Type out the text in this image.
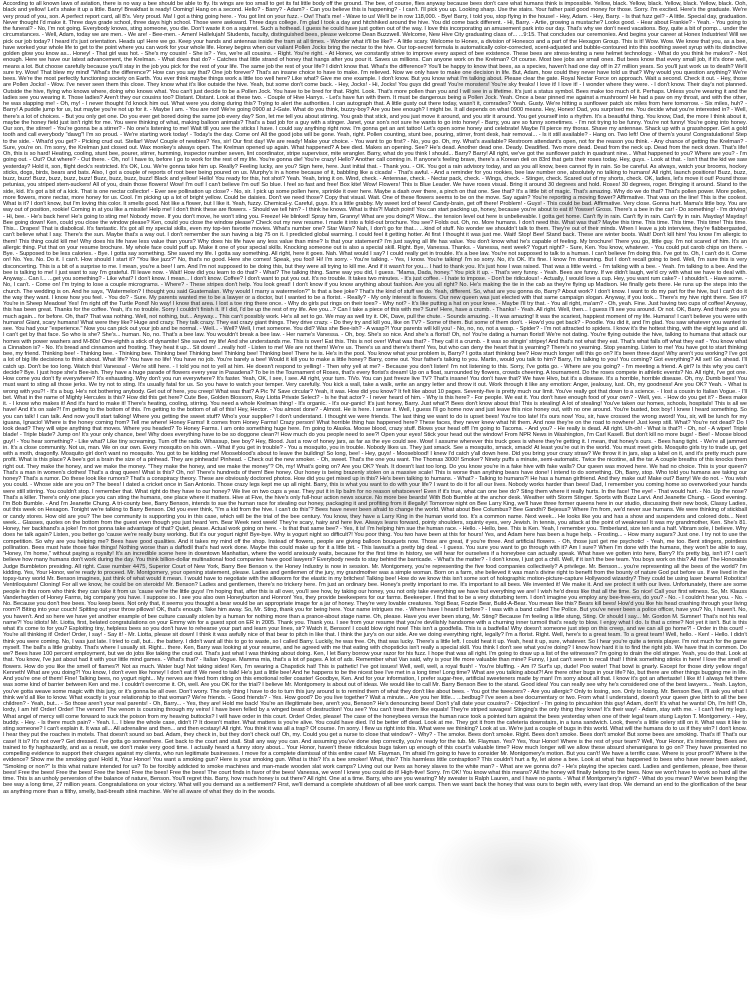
According to all known laws of aviation, there is no way a bee should be able to fly. Its wings are too small to get its fat little body off the ground. The bee, of course, flies anyway because bees don't care what humans think is impossible. Yellow, black. Yellow, black. Yellow, black. Yellow, black. Ooh, black and yellow! Let's shake it up a little. Barry! Breakfast is ready! Ooming! Hang on a second. Hello? - Barry? - Adam? - Can you believe this is happening? - I can't. I'll pick you up. Looking sharp. Use the stairs. Your father paid good money for those. Sorry. I'm excited. Here's the graduate. We're very proud of you, son. A perfect report card, all B's. Very proud. Ma! I got a thing going here. - You got lint on your fuzz. - Ow! That's me! - Wave to us! We'll be in row 118,000. - Bye! Barry, I told you, stop flying in the house! - Hey, Adam. - Hey, Barry. - Is that fuzz gel? - A little. Special day, graduation. Never thought I'd make it. Three days grade school, three days high school. Those were awkward. Three days college. I'm glad I took a day and hitchhiked around the hive. You did come back different. - Hi, Barry. - Artie, growing a mustache? Looks good. - Hear about Frankie? - Yeah. - You going to the funeral? - No, I'm not going. Everybody knows, sting someone, you die. Don't waste it on a squirrel. Such a hothead. I guess he could have just gotten out of the way. I love this incorporating an amusement park into our day. That's why we don't need vacations. Boy, quite a bit of pomp... under the circumstances. - Well, Adam, today we are men. - We are! - Bee-men. - Amen! Hallelujah! Students, faculty, distinguished bees, please welcome Dean Buzzwell. Welcome, New Hive City graduating class of... ...9:15. That concludes our ceremonies. And begins your career at Honex Industries! Will we pick our job today? I heard it's just orientation. Heads up! Here we go. Keep your hands and antennas inside the tram at all times. - Wonder what it'll be like? - A little scary. Welcome to Honex, a division of Honesco and a part of the Hexagon Group. This is it! Wow. Wow. We know that you, as a bee, have worked your whole life to get to the point where you can work for your whole life. Honey begins when our valiant Pollen Jocks bring the nectar to the hive. Our top-secret formula is automatically color-corrected, scent-adjusted and bubble-contoured into this soothing sweet syrup with its distinctive golden glow you know as... Honey! - That girl was hot. - She's my cousin! - She is? - Yes, we're all cousins. - Right. You're right. - At Honex, we constantly strive to improve every aspect of bee existence. These bees are stress-testing a new helmet technology. - What do you think he makes? - Not enough. Here we have our latest advancement, the Krelman. - What does that do? - Catches that little strand of honey that hangs after you pour it. Saves us millions. Can anyone work on the Krelman? Of course. Most bee jobs are small ones. But bees know that every small job, if it's done well, means a lot. But choose carefully because you'll stay in the job you pick for the rest of your life. The same job the rest of your life? I didn't know that. What's the difference? You'll be happy to know that bees, as a species, haven't had one day off in 27 million years. So you'll just work us to death? We'll sure try. Wow! That blew my mind! "What's the difference?" How can you say that? One job forever? That's an insane choice to have to make. I'm relieved. Now we only have to make one decision in life. But, Adam, how could they never have told us that? Why would you question anything? We're bees. We're the most perfectly functioning society on Earth. You ever think maybe things work a little too well here? Like what? Give me one example. I don't know. But you know what I'm talking about. Please clear the gate. Royal Nectar Force on approach. Wait a second. Check it out. - Hey, those are Pollen Jocks! - Wow. I've never seen them this close. They know what it's like outside the hive. Yeah, but some don't come back. - Hey, Jocks! - Hi, Jocks! You guys did great! You're monsters! You're sky freaks! I love it! I love it! - I wonder where they were. - I don't know. Their day's not planned. Outside the hive, flying who knows where, doing who knows what. You can't just decide to be a Pollen Jock. You have to be bred for that. Right. Look. That's more pollen than you and I will see in a lifetime. It's just a status symbol. Bees make too much of it. Perhaps. Unless you're wearing it and the ladies see you wearing it. Those ladies? Aren't they our cousins too? Distant. Distant. Look at these two. - Couple of Hive Harrys. - Let's have fun with them. It must be dangerous being a Pollen Jock. Yeah. Once a bear pinned me against a mushroom! He had a paw on my throat, and with the other, he was slapping me! - Oh, my! - I never thought I'd knock him out. What were you doing during this? Trying to alert the authorities. I can autograph that. A little gusty out there today, wasn't it, comrades? Yeah. Gusty. We're hitting a sunflower patch six miles from here tomorrow. - Six miles, huh? - Barry! A puddle jump for us, but maybe you're not up for it. - Maybe I am. - You are not! We're going 0900 at J-Gate. What do you think, buzzy-boy? Are you bee enough? I might be. It all depends on what 0900 means. Hey, Honex! Dad, you surprised me. You decide what you're interested in? - Well, there's a lot of choices. - But you only get one. Do you ever get bored doing the same job every day? Son, let me tell you about stirring. You grab that stick, and you just move it around, and you stir it around. You get yourself into a rhythm. It's a beautiful thing. You know, Dad, the more I think about it, maybe the honey field just isn't right for me. You were thinking of what, making balloon animals? That's a bad job for a guy with a stinger. Janet, your son's not sure he wants to go into honey! - Barry, you are so funny sometimes. - I'm not trying to be funny. You're not funny! You're going into honey. Our son, the stirrer! - You're gonna be a stirrer? - No one's listening to me! Wait till you see the sticks I have. I could say anything right now. I'm gonna get an ant tattoo! Let's open some honey and celebrate! Maybe I'll pierce my thorax. Shave my antennae. Shack up with a grasshopper. Get a gold tooth and call everybody "dawg"! I'm so proud. - We're starting work today! - Today's the day. Come on! All the good jobs will be gone. Yeah, right. Pollen counting, stunt bee, pouring, stirrer, front desk, hair removal... - Is it still available? - Hang on. Two left! One of them's yours! Congratulations! Step to the side. - What'd you get? - Picking crud out. Stellar! Wow! Couple of newbies? Yes, sir! Our first day! We are ready! Make your choice. - You want to go first? - No, you go. Oh, my. What's available? Restroom attendant's open, not for the reason you think. - Any chance of getting the Krelman? - Sure, you're on. I'm sorry, the Krelman just closed out. Wax monkey's always open. The Krelman opened up again. What happened? A bee died. Makes an opening. See? He's dead. Another dead one. Deady. Deadified. Two more dead. Dead from the neck up. Dead from the neck down. That's life! Oh, this is so hard! Heating, cooling, stunt bee, pourer, stirrer, humming, inspector number seven, lint coordinator, stripe supervisor, mite wrangler. Barry, what do you think I should... Barry? Barry! All right, we've got the sunflower patch in quadrant nine... What happened to you? Where are you? - I'm going out. - Out? Out where? - Out there. - Oh, no! I have to, before I go to work for the rest of my life. You're gonna die! You're crazy! Hello? Another call coming in. If anyone's feeling brave, there's a Korean deli on 83rd that gets their roses today. Hey, guys. - Look at that. - Isn't that the kid we saw yesterday? Hold it, son, flight deck's restricted. It's OK, Lou. We're gonna take him up. Really? Feeling lucky, are you? Sign here, here. Just initial that. - Thank you. - OK. You got a rain advisory today, and as you all know, bees cannot fly in rain. So be careful. As always, watch your brooms, hockey sticks, dogs, birds, bears and bats. Also, I got a couple of reports of root beer being poured on us. Murphy's in a home because of it, babbling like a cicada! - That's awful. - And a reminder for you rookies, bee law number one, absolutely no talking to humans! All right, launch positions! Buzz, buzz, buzz, buzz! Buzz, buzz, buzz, buzz! Buzz, buzz, buzz, buzz! Black and yellow! Hello! You ready for this, hot shot? Yeah. Yeah, bring it on. Wind, check. - Antennae, check. - Nectar pack, check. - Wings, check. - Stinger, check. Scared out of my shorts, check. OK, ladies, let's move it out! Pound those petunias, you striped stem-suckers! All of you, drain those flowers! Wow! I'm out! I can't believe I'm out! So blue. I feel so fast and free! Box kite! Wow! Flowers! This is Blue Leader. We have roses visual. Bring it around 30 degrees and hold. Roses! 30 degrees, roger. Bringing it around. Stand to the side, kid. It's got a bit of a kick. That is one nectar collector! - Ever see pollination up close? - No, sir. I pick up some pollen here, sprinkle it over here. Maybe a dash over there, a pinch on that one. See that? It's a little bit of magic. That's amazing. Why do we do that? That's pollen power. More pollen, more flowers, more nectar, more honey for us. Cool. I'm picking up a lot of bright yellow. Could be daisies. Don't we need those? Copy that visual. Wait. One of these flowers seems to be on the move. Say again? You're reporting a moving flower? Affirmative. That was on the line! This is the coolest. What is it? I don't know, but I'm loving this color. It smells good. Not like a flower, but I like it. Yeah, fuzzy. Chemical-y. Careful, guys. It's a little grabby. My sweet lord of bees! Candy-brain, get off there! Problem! - Guys! - This could be bad. Affirmative. Very close. Gonna hurt. Mama's little boy. You are way out of position, rookie! Coming in at you like a missile! Help me! I don't think these are flowers. - Should we tell him? - I think he knows. What is this?! Match point! You can start packing up, honey, because you're about to eat it! Yowser! Gross. There's a bee in the car! - Do something! - I'm driving! - Hi, bee. - He's back here! He's going to sting me! Nobody move. If you don't move, he won't sting you. Freeze! He blinked! Spray him, Granny! What are you doing?! Wow... the tension level out here is unbelievable. I gotta get home. Can't fly in rain. Can't fly in rain. Can't fly in rain. Mayday! Mayday! Bee going down! Ken, could you close the window please? Ken, could you close the window please? Check out my new resume. I made it into a fold-out brochure. You see? Folds out. Oh, no. More humans. I don't need this. What was that? Maybe this time. This time. This time. This time! This time. This... Drapes! That is diabolical. It's fantastic. It's got all my special skills, even my top-ten favorite movies. What's number one? Star Wars? Nah, I don't go for that... ...kind of stuff. No wonder we shouldn't talk to them. They're out of their minds. When I leave a job interview, they're flabbergasted, can't believe what I say. There's the sun. Maybe that's a way out. I don't remember the sun having a big 75 on it. I predicted global warming. I could feel it getting hotter. At first I thought it was just me. Wait! Stop! Bee! Stand back. These are winter boots. Wait! Don't kill him! You know I'm allergic to them! This thing could kill me! Why does his life have less value than yours? Why does his life have any less value than mine? Is that your statement? I'm just saying all life has value. You don't know what he's capable of feeling. My brochure! There you go, little guy. I'm not scared of him. It's an allergic thing. Put that on your resume brochure. My whole face could puff up. Make it one of your special skills. Knocking someone out is also a special skill. Right. Bye, Vanessa. Thanks. - Vanessa, next week? Yogurt night? - Sure, Ken. You know, whatever. - You could put carob chips on there. - Bye. - Supposed to be less calories. - Bye. I gotta say something. She saved my life. I gotta say something. All right, here it goes. Nah. What would I say? I could really get in trouble. It's a bee law. You're not supposed to talk to a human. I can't believe I'm doing this. I've got to. Oh, I can't do it. Come on! No. Yes. No. Do it. I can't. How should I start it? "You like jazz?" No, that's no good. Here she comes! Speak, you fool! Hi! I'm sorry. - You're talking. - Yes, I know. You're talking! I'm so sorry. No, it's OK. It's fine. I know I'm dreaming. But I don't recall going to bed. Well, I'm sure this is very disconcerting. This is a bit of a surprise to me. I mean, you're a bee! I am. And I'm not supposed to be doing this, but they were all trying to kill me. And if it wasn't for you... I had to thank you. It's just how I was raised. That was a little weird. - I'm talking with a bee. - Yeah. I'm talking to a bee. And the bee is talking to me! I just want to say I'm grateful. I'll leave now. - Wait! How did you learn to do that? - What? The talking thing. Same way you did, I guess. "Mama, Dada, honey." You pick it up. - That's very funny. - Yeah. Bees are funny. If we didn't laugh, we'd cry with what we have to deal with. Anyway... Can I... ...get you something? - Like what? I don't know. I mean... I don't know. Coffee? I don't want to put you out. It's no trouble. It takes two minutes. - It's just coffee. - I hate to impose. - Don't be ridiculous! - Actually, I would love a cup. Hey, you want rum cake? - I shouldn't. - Have some. - No, I can't. - Come on! I'm trying to lose a couple micrograms. - Where? - These stripes don't help. You look great! I don't know if you know anything about fashion. Are you all right? No. He's making the tie in the cab as they're flying up Madison. He finally gets there. He runs up the steps into the church. The wedding is on. And he says, "Watermelon? I thought you said Guatemalan. Why would I marry a watermelon?" Is that a bee joke? That's the kind of stuff we do. Yeah, different. So, what are you gonna do, Barry? About work? I don't know. I want to do my part for the hive, but I can't do it the way they want. I know how you feel. - You do? - Sure. My parents wanted me to be a lawyer or a doctor, but I wanted to be a florist. - Really? - My only interest is flowers. Our new queen was just elected with that same campaign slogan. Anyway, if you look... There's my hive right there. See it? You're in Sheep Meadow! Yes! I'm right off the Turtle Pond! No way! I know that area. I lost a toe ring there once. - Why do girls put rings on their toes? - Why not? - It's like putting a hat on your knee. - Maybe I'll try that. - You all right, ma'am? - Oh, yeah. Fine. Just having two cups of coffee! Anyway, this has been great. Thanks for the coffee. Yeah, it's no trouble. Sorry I couldn't finish it. If I did, I'd be up the rest of my life. Are you...? Can I take a piece of this with me? Sure! Here, have a crumb. - Thanks! - Yeah. All right. Well, then... I guess I'll see you around. Or not. OK, Barry. And thank you so much again... for before. Oh, that? That was nothing. Well, not nothing, but... Anyway... This can't possibly work. He's all set to go. We may as well try it. OK, Dave, pull the chute. - Sounds amazing. - It was amazing! It was the scariest, happiest moment of my life. Humans! I can't believe you were with humans! Giant, scary humans! What were they like? Huge and crazy. They talk crazy. They eat crazy giant things. They drive crazy. - Do they try and kill you, like on TV? - Some of them. But some of them don't. - How'd you get back? - Poodle. You did it, and I'm glad. You saw whatever you wanted to see. You had your "experience." Now you can pick out your job and be normal. - Well... - Well? Well, I met someone. You did? Was she Bee-ish? - A wasp?! Your parents will kill you! - No, no, no, not a wasp. - Spider? - I'm not attracted to spiders. I know it's the hottest thing, with the eight legs and all. I can't get by that face. So who is she? She's... human. No, no. That's a bee law. You wouldn't break a bee law. - Her name's Vanessa. - Oh, boy. She's so nice. And she's a florist! Oh, no! You're dating a human florist! We're not dating. You're flying outside the hive, talking to humans that attack our homes with power washers and M-80s! One-eighth a stick of dynamite! She saved my life! And she understands me. This is over! Eat this. This is not over! What was that? - They call it a crumb. - It was so stingin' stripey! And that's not what they eat. That's what falls off what they eat! - You know what a Cinnabon is? - No. It's bread and cinnamon and frosting. They heat it up... Sit down! ...really hot! - Listen to me! We are not them! We're us. There's us and there's them! Yes, but who can deny the heart that is yearning? There's no yearning. Stop yearning. Listen to me! You have got to start thinking bee, my friend. Thinking bee! - Thinking bee. - Thinking bee. Thinking bee! Thinking bee! Thinking bee! Thinking bee! There he is. He's in the pool. You know what your problem is, Barry? I gotta start thinking bee? How much longer will this go on? It's been three days! Why aren't you working? I've got a lot of big life decisions to think about. What life? You have no life! You have no job. You're barely a bee! Would it kill you to make a little honey? Barry, come out. Your father's talking to you. Martin, would you talk to him? Barry, I'm talking to you! You coming? Got everything? All set! Go ahead. I'll catch up. Don't be too long. Watch this! Vanessa! - We're still here. - I told you not to yell at him. He doesn't respond to yelling! - Then why yell at me? - Because you don't listen! I'm not listening to this. Sorry, I've gotta go. - Where are you going? - I'm meeting a friend. A girl? Is this why you can't decide? Bye. I just hope she's Bee-ish. They have a huge parade of flowers every year in Pasadena? To be in the Tournament of Roses, that's every florist's dream! Up on a float, surrounded by flowers, crowds cheering. A tournament. Do the roses compete in athletic events? No. All right, I've got one. How come you don't fly everywhere? It's exhausting. Why don't you run everywhere? It's faster. Yeah, OK, I see, I see. All right, your turn. TiVo. You can just freeze live TV? That's insane! You don't have that? We have Hivo, but it's a disease. It's a horrible, horrible disease. Oh, my. Dumb bees! You must want to sting all those jerks. We try not to sting. It's usually fatal for us. So you have to watch your temper. Very carefully. You kick a wall, take a walk, write an angry letter and throw it out. Work through it like any emotion: Anger, jealousy, lust. Oh, my goodness! Are you OK? Yeah. - What is wrong with you?! - It's a bug. He's not bothering anybody. Get out of here, you creep! What was that? A Pic 'N' Save circular? Yeah, it was. How did you know? It felt like about 10 pages. Seventy-five is pretty much our limit. You've really got that down to a science. - I lost a cousin to Italian Vogue. - I'll bet. What in the name of Mighty Hercules is this? How did this get here? Cute Bee, Golden Blossom, Ray Liotta Private Select? - Is he that actor? - I never heard of him. - Why is this here? - For people. We eat it. You don't have enough food of your own? - Well, yes. - How do you get it? - Bees make it. - I know who makes it! And it's hard to make it! There's heating, cooling, stirring. You need a whole Krelman thing! - It's organic. - It's our-ganic! It's just honey, Barry. Just what?! Bees don't know about this! This is stealing! A lot of stealing! You've taken our homes, schools, hospitals! This is all we have! And it's on sale?! I'm getting to the bottom of this. I'm getting to the bottom of all of this! Hey, Hector. - You almost done? - Almost. He is here. I sense it. Well, I guess I'll go home now and just leave this nice honey out, with no one around. You're busted, box boy! I knew I heard something. So you can talk! I can talk. And now you'll start talking! Where you getting the sweet stuff? Who's your supplier? I don't understand. I thought we were friends. The last thing we want to do is upset bees! You're too late! It's ours now! You, sir, have crossed the wrong sword! You, sir, will be lunch for my iguana, Ignacio! Where is the honey coming from? Tell me where! Honey Farms! It comes from Honey Farms! Crazy person! What horrible thing has happened here? These faces, they never knew what hit them. And now they're on the road to nowhere! Just keep still. What? You're not dead? Do I look dead? They will wipe anything that moves. Where you headed? To Honey Farms. I am onto something huge here. I'm going to Alaska. Moose blood, crazy stuff. Blows your head off! I'm going to Tacoma. - And you? - He really is dead. All right. Uh-oh! - What is that?! - Oh, no! - A wiper! Triple blade! - Triple blade? Jump on! It's your only chance, bee! Why does everything have to be so doggone clean?! How much do you people need to see?! Open your eyes! Stick your head out the window! From NPR News in Washington, I'm Carl Kasell. But don't kill no more bugs! - Bee! - Moose blood guy!! - You hear something? - Like what? Like tiny screaming. Turn off the radio. Whassup, bee boy? Hey, Blood. Just a row of honey jars, as far as the eye could see. Wow! I assume wherever this truck goes is where they're getting it. I mean, that honey's ours. - Bees hang tight. - We're all jammed in. It's a close community. Not us, man. We on our own. Every mosquito on his own. - What if you get in trouble? - You a mosquito, you in trouble. Nobody likes us. They just smack. See a mosquito, smack, smack! At least you're out in the world. You must meet girls. Mosquito girls try to trade up, get with a moth, dragonfly. Mosquito girl don't want no mosquito. You got to be kidding me! Mooseblood's about to leave the building! So long, bee! - Hey, guys! - Mooseblood! I knew I'd catch y'all down here. Did you bring your crazy straw? We throw it in jars, slap a label on it, and it's pretty much pure profit. What is this place? A bee's got a brain the size of a pinhead. They are pinheads! Pinhead. - Check out the new smoker. - Oh, sweet. That's the one you want. The Thomas 3000! Smoker? Ninety puffs a minute, semi-automatic. Twice the nicotine, all the tar. A couple breaths of this knocks them right out. They make the honey, and we make the money. "They make the honey, and we make the money"? Oh, my! What's going on? Are you OK? Yeah. It doesn't last too long. Do you know you're in a fake hive with fake walls? Our queen was moved here. We had no choice. This is your queen? That's a man in women's clothes! That's a drag queen! What is this? Oh, no! There's hundreds of them! Bee honey. Our honey is being brazenly stolen on a massive scale! This is worse than anything bears have done! I intend to do something. Oh, Barry, stop. Who told you humans are taking our honey? That's a rumor. Do these look like rumors? That's a conspiracy theory. These are obviously doctored photos. How did you get mixed up in this? He's been talking to humans. - What? - Talking to humans?! He has a human girlfriend. And they make out! Make out? Barry! We do not. - You wish you could. - Whose side are you on? The bees! I dated a cricket once in San Antonio. Those crazy legs kept me up all night. Barry, this is what you want to do with your life? I want to do it for all our lives. Nobody works harder than bees! Dad, I remember you coming home so overworked your hands were still stirring. You couldn't stop. I remember that. What right do they have to our honey? We live on two cups a year. They put it in lip balm for no reason whatsoever! Even if it's true, what can one bee do? Sting them where it really hurts. In the face! The eye! - That would hurt. - No. Up the nose? That's a killer. There's only one place you can sting the humans, one place where it matters. Hive at Five, the hive's only full-hour action news source. No more bee beards! With Bob Bumble at the anchor desk. Weather with Storm Stinger. Sports with Buzz Larvi. And Jeanette Chung. - Good evening. I'm Bob Bumble. - And I'm Jeanette Chung. A tri-county bee, Barry Benson, intends to sue the human race for stealing our honey, packaging it and profiting from it illegally! Tomorrow night on Bee Larry King, we'll have three former queens here in our studio, discussing their new book, Classy Ladies, out this week on Hexagon. Tonight we're talking to Barry Benson. Did you ever think, "I'm a kid from the hive. I can't do this"? Bees have never been afraid to change the world. What about Bee Columbus? Bee Gandhi? Bejesus? Where I'm from, we'd never sue humans. We were thinking of stickball or candy stores. How old are you? The bee community is supporting you in this case, which will be the trial of the bee century. You know, they have a Larry King in the human world too. It's a common name. Next week... He looks like you and has a show and suspenders and colored dots... Next week... Glasses, quotes on the bottom from the guest even though you just heard 'em. Bear Week next week! They're scary, hairy and here live. Always leans forward, pointy shoulders, squinty eyes, very Jewish. In tennis, you attack at the point of weakness! It was my grandmother, Ken. She's 81. Honey, her backhand's a joke! I'm not gonna take advantage of that? Quiet, please. Actual work going on here. - Is that that same bee? - Yes, it is! I'm helping him sue the human race. - Hello. - Hello, bee. This is Ken. Yeah, I remember you. Timberland, size ten and a half. Vibram sole, I believe. Why does he talk again? Listen, you better go 'cause we're really busy working. But it's our yogurt night! Bye-bye. Why is yogurt night so difficult?! You poor thing. You two have been at this for hours! Yes, and Adam here has been a huge help. - Frosting... - How many sugars? Just one. I try not to use the competition. So why are you helping me? Bees have good qualities. And it takes my mind off the shop. Instead of flowers, people are giving balloon bouquets now. Those are great, if you're three. And artificial flowers. - Oh, those just get me psychotic! - Yeah, me too. Bent stingers, pointless pollination. Bees must hate those fake things! Nothing worse than a daffodil that's had work done. Maybe this could make up for it a little bit. - This lawsuit's a pretty big deal. - I guess. You sure you want to go through with it? Am I sure? When I'm done with the humans, they won't be able to say, "Honey, I'm home," without paying a royalty! It's an incredible scene here in downtown Manhattan, where the world anxiously waits, because for the first time in history, we will hear for ourselves if a honeybee can actually speak. What have we gotten into here, Barry? It's pretty big, isn't it? I can't believe how many humans don't work during the day. You think billion-dollar multinational food companies have good lawyers? Everybody needs to stay behind the barricade. - What's the matter? - I don't know, I just got a chill. Well, if it isn't the bee team. You boys work on this? All rise! The Honorable Judge Bumbleton presiding. All right. Case number 4475, Superior Court of New York, Barry Bee Benson v. the Honey Industry is now in session. Mr. Montgomery, you're representing the five food companies collectively? A privilege. Mr. Benson... you're representing all the bees of the world? I'm kidding. Yes, Your Honor, we're ready to proceed. Mr. Montgomery, your opening statement, please. Ladies and gentlemen of the jury, my grandmother was a simple woman. Born on a farm, she believed it was man's divine right to benefit from the bounty of nature God put before us. If we lived in the topsy-turvy world Mr. Benson imagines, just think of what would it mean. I would have to negotiate with the silkworm for the elastic in my britches! Talking bee! How do we know this isn't some sort of holographic motion-picture-capture Hollywood wizardry? They could be using laser beams! Robotics! Ventriloquism! Cloning! For all we know, he could be on steroids! Mr. Benson? Ladies and gentlemen, there's no trickery here. I'm just an ordinary bee. Honey's pretty important to me. It's important to all bees. We invented it! We make it. And we protect it with our lives. Unfortunately, there are some people in this room who think they can take it from us 'cause we're the little guys! I'm hoping that, after this is all over, you'll see how, by taking our honey, you not only take everything we have but everything we are! I wish he'd dress like that all the time. So nice! Call your first witness. So, Mr. Klauss Vanderhayden of Honey Farms, big company you have. I suppose so. I see you also own Honeyburton and Honron! Yes, they provide beekeepers for our farms. Beekeeper. I find that to be a very disturbing term. I don't imagine you employ any bee-free-ers, do you? - No. - I couldn't hear you. - No. - No. Because you don't free bees. You keep bees. Not only that, it seems you thought a bear would be an appropriate image for a jar of honey. They're very lovable creatures. Yogi Bear, Fozzie Bear, Build-A-Bear. You mean like this? Bears kill bees! How'd you like his head crashing through your living room?! Biting into your couch! Spitting out your throw pillows! OK, that's enough. Take him away. So, Mr. Sting, thank you for being here. Your name intrigues me. - Where have I heard it before? - I was with a band called The Police. But you've never been a police officer, have you? No, I haven't. No, you haven't. And so here we have yet another example of bee culture casually stolen by a human for nothing more than a prance-about stage name. Oh, please. Have you ever been stung, Mr. Sting? Because I'm feeling a little stung, Sting. Or should I say... Mr. Gordon M. Sumner! That's not his real name?! You idiots! Mr. Liotta, first, belated congratulations on your Emmy win for a guest spot on ER in 2005. Thank you. Thank you. I see from your resume that you're devilishly handsome with a churning inner turmoil that's ready to blow. I enjoy what I do. Is that a crime? Not yet it isn't. But is this what it's come to for you? Exploiting tiny, helpless bees so you don't have to rehearse your part and learn your lines, sir? Watch it, Benson! I could blow right now! This isn't a goodfella. This is a badfella! Why doesn't someone just step on this creep, and we can all go home?! - Order in this court! - You're all thinking it! Order! Order, I say! - Say it! - Mr. Liotta, please sit down! I think it was awfully nice of that bear to pitch in like that. I think the jury's on our side. Are we doing everything right, legally? I'm a florist. Right. Well, here's to a great team. To a great team! Well, hello. - Ken! - Hello. I didn't think you were coming. No, I was just late. I tried to call, but... the battery. I didn't want all this to go to waste, so I called Barry. Luckily, he was free. Oh, that was lucky. There's a little left. I could heat it up. Yeah, heat it up, sure, whatever. So I hear you're quite a tennis player. I'm not much for the game myself. The ball's a little grabby. That's where I usually sit. Right... there. Ken, Barry was looking at your resume, and he agreed with me that eating with chopsticks isn't really a special skill. You think I don't see what you're doing? I know how hard it is to find the right job. We have that in common. Do we? Bees have 100 percent employment, but we do jobs like taking the crud out. That's just what I was thinking about doing. Ken, I let Barry borrow your razor for his fuzz. I hope that was all right. I'm going to draw up a list of the witnesses? I'm going to drain the old stinger. Yeah, you do that. Look at that. You know, I've just about had it with your little mind games. - What's that? - Italian Vogue. Mamma mia, that's a lot of pages. A lot of ads. Remember what Van said, why is your life more valuable than mine? Funny, I just can't seem to recall that! I think something stinks in here! I love the smell of flowers. How do you like the smell of flames?! Not as much. Water bug! Not taking sides! Ken, I'm wearing a Chapstick hat! This is pathetic! I've got issues! Well, well, well, a royal flush! - You're bluffing. - Am I? Surf's up, dude! Poo water! That bowl is gnarly. Except for those dirty yellow rings! Kenneth! What are you doing?! You know, I don't even like honey! I don't eat it! We need to talk! He's just a little bee! And he happens to be the nicest bee I've met in a long time! Long time? What are you talking about?! Are there other bugs in your life? No, but there are other things bugging me in life. And you're one of them! Fine! Talking bees, no yogurt night... My nerves are fried from riding on this emotional roller coaster! Goodbye, Ken. And for your information, I prefer sugar-free, artificial sweeteners made by man! I'm sorry about all that. I know it's got an aftertaste! I like it! I always felt there was some kind of barrier between Ken and me. I couldn't overcome it. Oh, well. Are you OK for the trial? I believe Mr. Montgomery is about out of ideas. We would like to call Mr. Barry Benson Bee to the stand. Good idea! You can really see why he's considered one of the best lawyers... Yeah. Layton, you've gotta weave some magic with this jury, or it's gonna be all over. Don't worry. The only thing I have to do to turn this jury around is to remind them of what they don't like about bees. - You got the tweezers? - Are you allergic? Only to losing, son. Only to losing. Mr. Benson Bee, I'll ask you what I think we'd all like to know. What exactly is your relationship to that woman? We're friends. - Good friends? - Yes. How good? Do you live together? Wait a minute... Are you her little... ...bedbug? I've seen a bee documentary or two. From what I understand, doesn't your queen give birth to all the bee children? - Yeah, but... - So those aren't your real parents! - Oh, Barry... - Yes, they are! Hold me back! You're an illegitimate bee, aren't you, Benson? He's denouncing bees! Don't y'all date your cousins? - Objection! - I'm going to pincushion this guy! Adam, don't! It's what he wants! Oh, I'm hit!! Oh, lordy, I am hit! Order! Order! The venom! The venom is coursing through my veins! I have been felled by a winged beast of destruction! You see? You can't treat them like equals! They're striped savages! Stinging's the only thing they know! It's their way! - Adam, stay with me. - I can't feel my legs. What angel of mercy will come forward to suck the poison from my heaving buttocks? I will have order in this court. Order! Order, please! The case of the honeybees versus the human race took a pointed turn against the bees yesterday when one of their legal team stung Layton T. Montgomery. - Hey, buddy. - Hey. - Is there much pain? - Yeah. I... I blew the whole case, didn't I? It doesn't matter. What matters is you're alive. You could have died. I'd be better off dead. Look at me. They got it from the cafeteria downstairs, in a tuna sandwich. Look, there's a little celery still on it. What was it like to sting someone? I can't explain it. It was all... All adrenaline and then... and then ecstasy! All right. You think it was all a trap? Of course. I'm sorry. I flew us right into this. What were we thinking? Look at us. We're just a couple of bugs in this world. What will the humans do to us if they win? I don't know. I hear they put the roaches in motels. That doesn't sound so bad. Adam, they check in, but they don't check out! Oh, my. Could you get a nurse to close that window? - Why? - The smoke. Bees don't smoke. Right. Bees don't smoke. Bees don't smoke! But some bees are smoking. That's it! That's our case! It is? It's not over? Get dressed. I've gotta go somewhere. Get back to the court and stall. Stall any way you can. And assuming you've done step correctly, you're ready for the tub. Mr. Flayman. Yes? Yes, Your Honor! Where is the rest of your team? Well, Your Honor, it's interesting. Bees are trained to fly haphazardly, and as a result, we don't make very good time. I actually heard a funny story about... Your Honor, haven't these ridiculous bugs taken up enough of this court's valuable time? How much longer will we allow these absurd shenanigans to go on? They have presented no compelling evidence to support their charges against my clients, who run legitimate businesses. I move for a complete dismissal of this entire case! Mr. Flayman, I'm afraid I'm going to have to consider Mr. Montgomery's motion. But you can't! We have a terrific case. Where is your proof? Where is the evidence? Show me the smoking gun! Hold it, Your Honor! You want a smoking gun? Here is your smoking gun. What is this? It's a bee smoker! What, this? This harmless little contraption? This couldn't hurt a fly, let alone a bee. Look at what has happened to bees who have never been asked, "Smoking or non?" Is this what nature intended for us? To be forcibly addicted to smoke machines and man-made wooden slat work camps? Living out our lives as honey slaves to the white man? - What are we gonna do? - He's playing the species card. Ladies and gentlemen, please, free these bees! Free the bees! Free the bees! Free the bees! Free the bees! Free the bees! The court finds in favor of the bees! Vanessa, we won! I knew you could do it! High-five! Sorry. I'm OK! You know what this means? All the honey will finally belong to the bees. Now we won't have to work so hard all the time. This is an unholy perversion of the balance of nature, Benson. You'll regret this. Barry, how much honey is out there? All right. One at a time. Barry, who are you wearing? My sweater is Ralph Lauren, and I have no pants. - What if Montgomery's right? - What do you mean? We've been living the bee way a long time, 27 million years. Congratulations on your victory. What will you demand as a settlement? First, we'll demand a complete shutdown of all bee work camps. Then we want back the honey that was ours to begin with, every last drop. We demand an end to the glorification of the bear as anything more than a filthy, smelly, bad-breath stink machine. We're all aware of what they do in the woods.
